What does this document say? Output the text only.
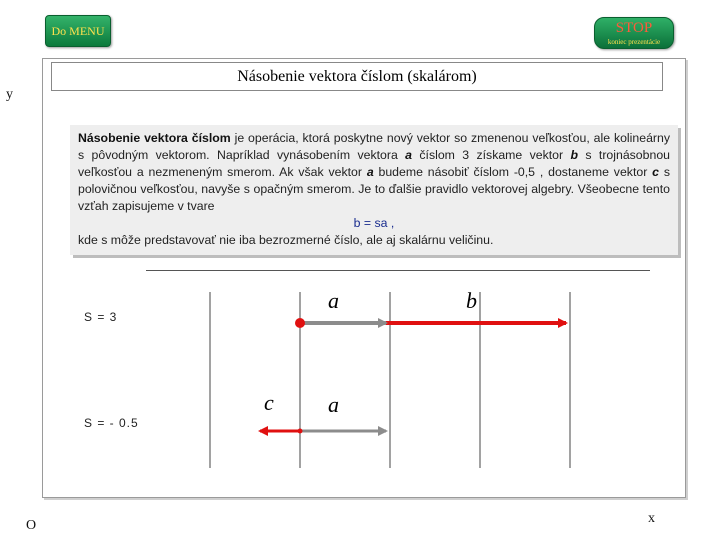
Do MENU	STOP
koniec prezentácie
y
O	x
Násobenie vektora číslom (skalárom)
Násobenie vektora číslom je operácia, ktorá poskytne nový vektor so zmenenou veľkosťou, ale kolineárny s pôvodným vektorom. Napríklad vynásobením vektora a číslom 3 získame vektor b s trojnásobnou veľkosťou a nezmeneným smerom. Ak však vektor a budeme násobiť číslom -0,5 , dostaneme vektor c s polovičnou veľkosťou, navyše s opačným smerom. Je to ďalšie pravidlo vektorovej algebry. Všeobecne tento vzťah zapisujeme v tvare
b = sa ,
kde s môže predstavovať nie iba bezrozmerné číslo, ale aj skalárnu veličinu.
S = 3
S = - 0.5
a	b
c a
